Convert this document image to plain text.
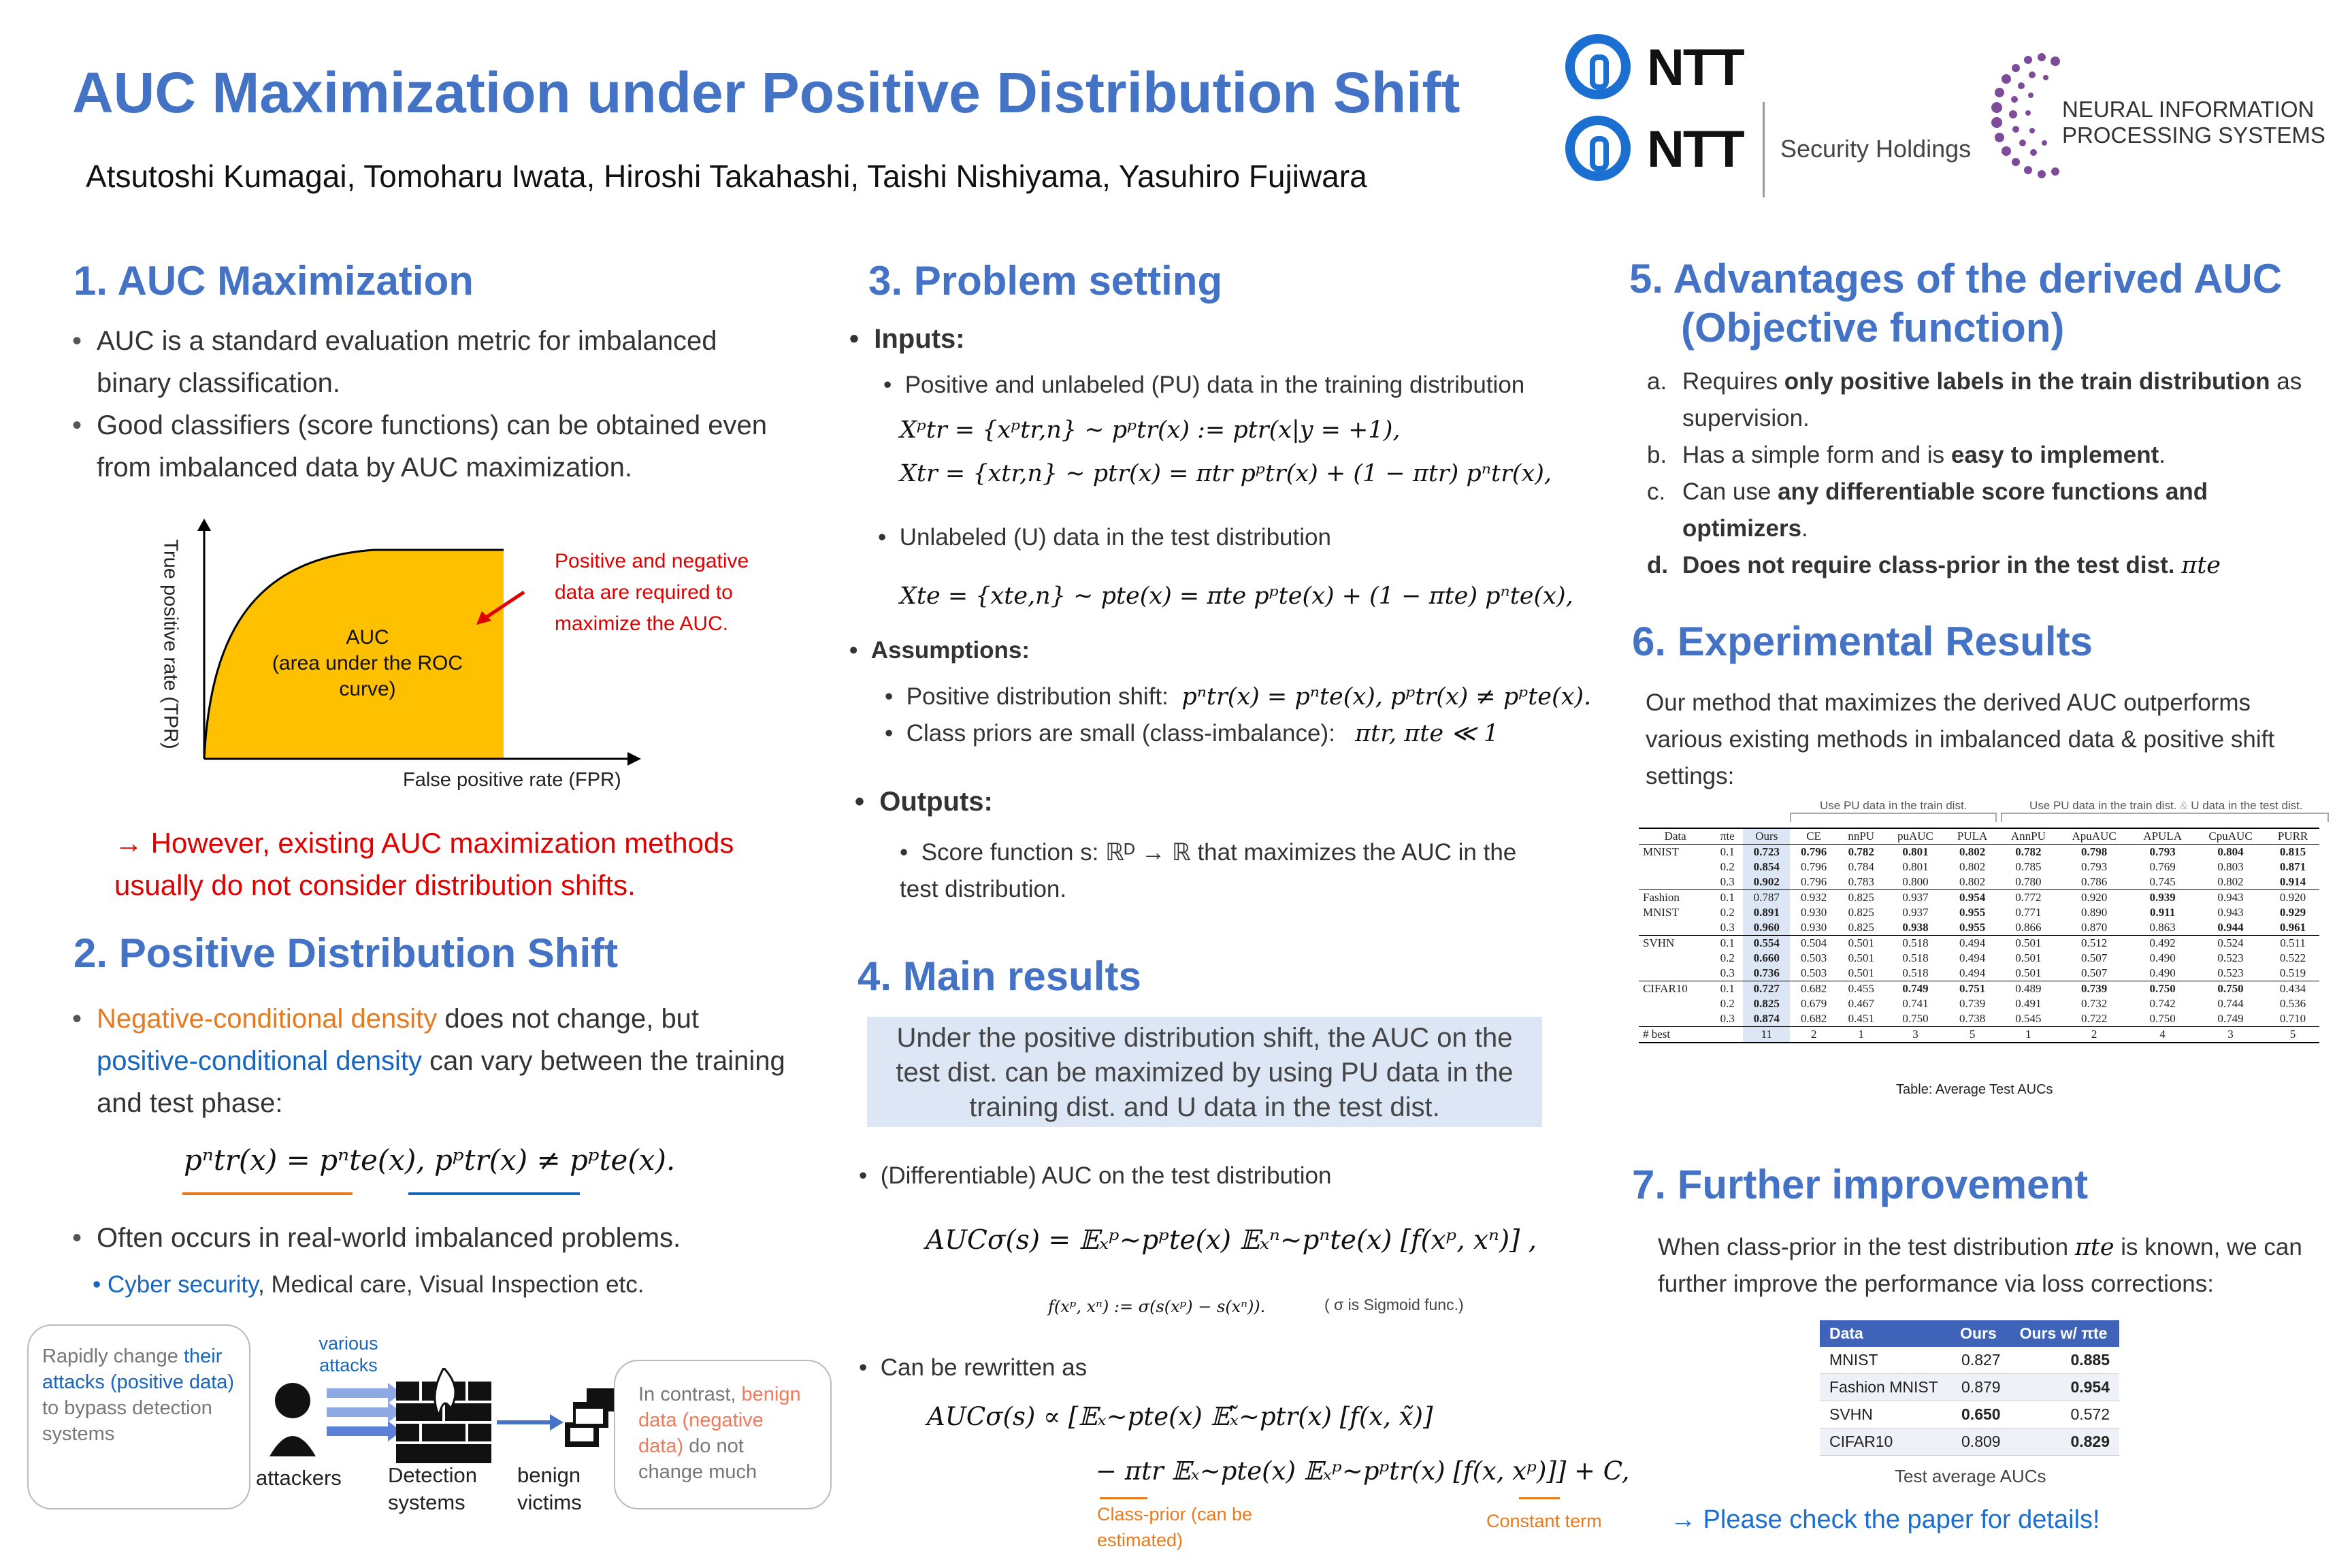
AUC Maximization under Positive Distribution Shift
Atsutoshi Kumagai, Tomoharu Iwata, Hiroshi Takahashi, Taishi Nishiyama, Yasuhiro Fujiwara
NTT
NTT Security Holdings
NEURAL INFORMATION
PROCESSING SYSTEMS
1. AUC Maximization
• AUC is a standard evaluation metric for imbalanced binary classification.
• Good classifiers (score functions) can be obtained even from imbalanced data by AUC maximization.
True positive rate (TPR)
False positive rate (FPR)
AUC
(area under the ROC
curve)
Positive and negative data are required to maximize the AUC.
→ However, existing AUC maximization methods usually do not consider distribution shifts.
2. Positive Distribution Shift
• Negative-conditional density does not change, but positive-conditional density can vary between the training and test phase:
pⁿtr(x) = pⁿte(x), pᵖtr(x) ≠ pᵖte(x).
• Often occurs in real-world imbalanced problems.
• Cyber security, Medical care, Visual Inspection etc.
Rapidly change their attacks (positive data) to bypass detection systems
various attacks
attackers Detection systems
benign victims
In contrast, benign data (negative data) do not change much
3. Problem setting
•  Inputs:
•  Positive and unlabeled (PU) data in the training distribution
Xᵖtr = {xᵖtr,n} ∼ pᵖtr(x) := ptr(x|y = +1),
Xtr = {xtr,n} ∼ ptr(x) = πtr pᵖtr(x) + (1 − πtr) pⁿtr(x),
•  Unlabeled (U) data in the test distribution
Xte = {xte,n} ∼ pte(x) = πte pᵖte(x) + (1 − πte) pⁿte(x),
•  Assumptions:
•  Positive distribution shift: pⁿtr(x) = pⁿte(x), pᵖtr(x) ≠ pᵖte(x).
•  Class priors are small (class-imbalance): πtr, πte ≪ 1
•  Outputs:
•  Score function s: ℝᴰ → ℝ that maximizes the AUC in the test distribution.
4. Main results
Under the positive distribution shift, the AUC on the test dist. can be maximized by using PU data in the training dist. and U data in the test dist.
•  (Differentiable) AUC on the test distribution
AUCσ(s) = 𝔼ₓᵖ∼pᵖte(x) 𝔼ₓⁿ∼pⁿte(x) [f(xᵖ, xⁿ)] ,
f(xᵖ, xⁿ) := σ(s(xᵖ) − s(xⁿ)).	( σ is Sigmoid func.)
•  Can be rewritten as
AUCσ(s) ∝ [𝔼ₓ∼pte(x) 𝔼ₓ̃∼ptr(x) [f(x, x̃)]
− πtr 𝔼ₓ∼pte(x) 𝔼ₓᵖ∼pᵖtr(x) [f(x, xᵖ)]] + C,
Class-prior (can be estimated)
Constant term
5. Advantages of the derived AUC
(Objective function)
a. Requires only positive labels in the train distribution as supervision.
b. Has a simple form and is easy to implement.
c. Can use any differentiable score functions and optimizers.
d. Does not require class-prior in the test dist. πte
6. Experimental Results
Our method that maximizes the derived AUC outperforms various existing methods in imbalanced data & positive shift settings:
Use PU data in the train dist.	Use PU data in the train dist. & U data in the test dist.
Data	πte	Ours	CE	nnPU	puAUC	PULA	AnnPU	ApuAUC	APULA	CpuAUC	PURR
MNIST	0.1	0.723	0.796	0.782	0.801	0.802	0.782	0.798	0.793	0.804	0.815
	0.2	0.854	0.796	0.784	0.801	0.802	0.785	0.793	0.769	0.803	0.871
	0.3	0.902	0.796	0.783	0.800	0.802	0.780	0.786	0.745	0.802	0.914
Fashion	0.1	0.787	0.932	0.825	0.937	0.954	0.772	0.920	0.939	0.943	0.920
MNIST	0.2	0.891	0.930	0.825	0.937	0.955	0.771	0.890	0.911	0.943	0.929
	0.3	0.960	0.930	0.825	0.938	0.955	0.866	0.870	0.863	0.944	0.961
SVHN	0.1	0.554	0.504	0.501	0.518	0.494	0.501	0.512	0.492	0.524	0.511
	0.2	0.660	0.503	0.501	0.518	0.494	0.501	0.507	0.490	0.523	0.522
	0.3	0.736	0.503	0.501	0.518	0.494	0.501	0.507	0.490	0.523	0.519
CIFAR10	0.1	0.727	0.682	0.455	0.749	0.751	0.489	0.739	0.750	0.750	0.434
	0.2	0.825	0.679	0.467	0.741	0.739	0.491	0.732	0.742	0.744	0.536
	0.3	0.874	0.682	0.451	0.750	0.738	0.545	0.722	0.750	0.749	0.710
# best		11	2	1	3	5	1	2	4	3	5
Table: Average Test AUCs
7. Further improvement
When class-prior in the test distribution πte is known, we can further improve the performance via loss corrections:
Data	Ours	Ours w/ πte
MNIST	0.827	0.885
Fashion MNIST	0.879	0.954
SVHN	0.650	0.572
CIFAR10	0.809	0.829
Test average AUCs
→ Please check the paper for details!
